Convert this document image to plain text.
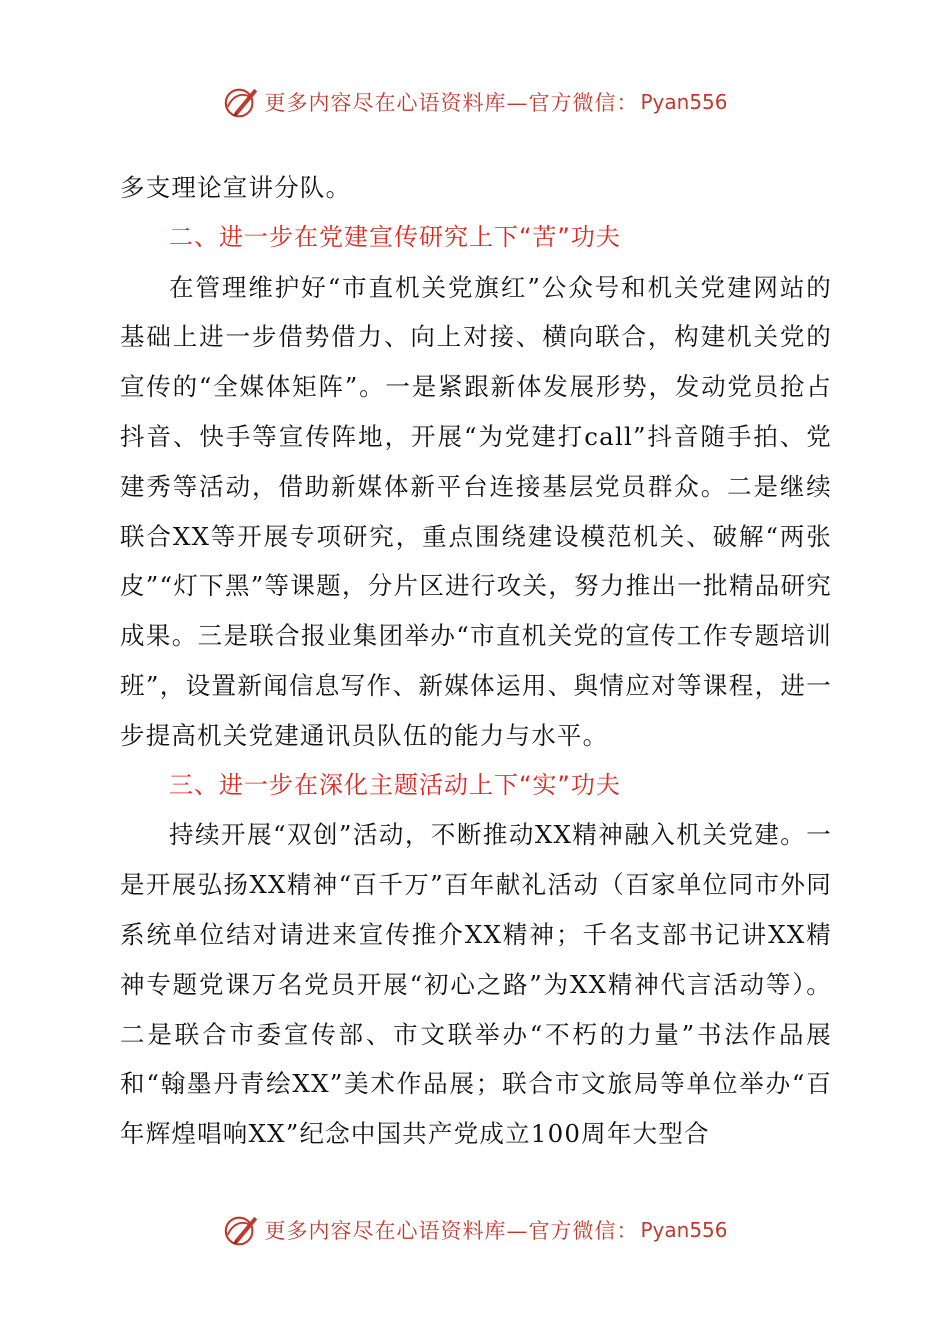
更多内容尽在心语资料库—官方微信： Pyan556

多支理论宣讲分队。

二、进一步在党建宣传研究上下“苦”功夫

在管理维护好“市直机关党旗红”公众号和机关党建网站的基础上进一步借势借力、向上对接、横向联合，构建机关党的宣传的“全媒体矩阵”。一是紧跟新体发展形势，发动党员抢占抖音、快手等宣传阵地，开展“为党建打call”抖音随手拍、党建秀等活动，借助新媒体新平台连接基层党员群众。二是继续联合XX等开展专项研究，重点围绕建设模范机关、破解“两张皮”“灯下黑”等课题，分片区进行攻关，努力推出一批精品研究成果。三是联合报业集团举办“市直机关党的宣传工作专题培训班”，设置新闻信息写作、新媒体运用、與情应对等课程，进一步提高机关党建通讯员队伍的能力与水平。

三、进一步在深化主题活动上下“实”功夫

持续开展“双创”活动，不断推动XX精神融入机关党建。一是开展弘扬XX精神“百千万”百年献礼活动（百家单位同市外同系统单位结对请进来宣传推介XX精神；千名支部书记讲XX精神专题党课万名党员开展“初心之路”为XX精神代言活动等）。二是联合市委宣传部、市文联举办“不朽的力量”书法作品展和“翰墨丹青绘XX”美术作品展；联合市文旅局等单位举办“百年辉煌唱响XX”纪念中国共产党成立100周年大型合

更多内容尽在心语资料库—官方微信： Pyan556
